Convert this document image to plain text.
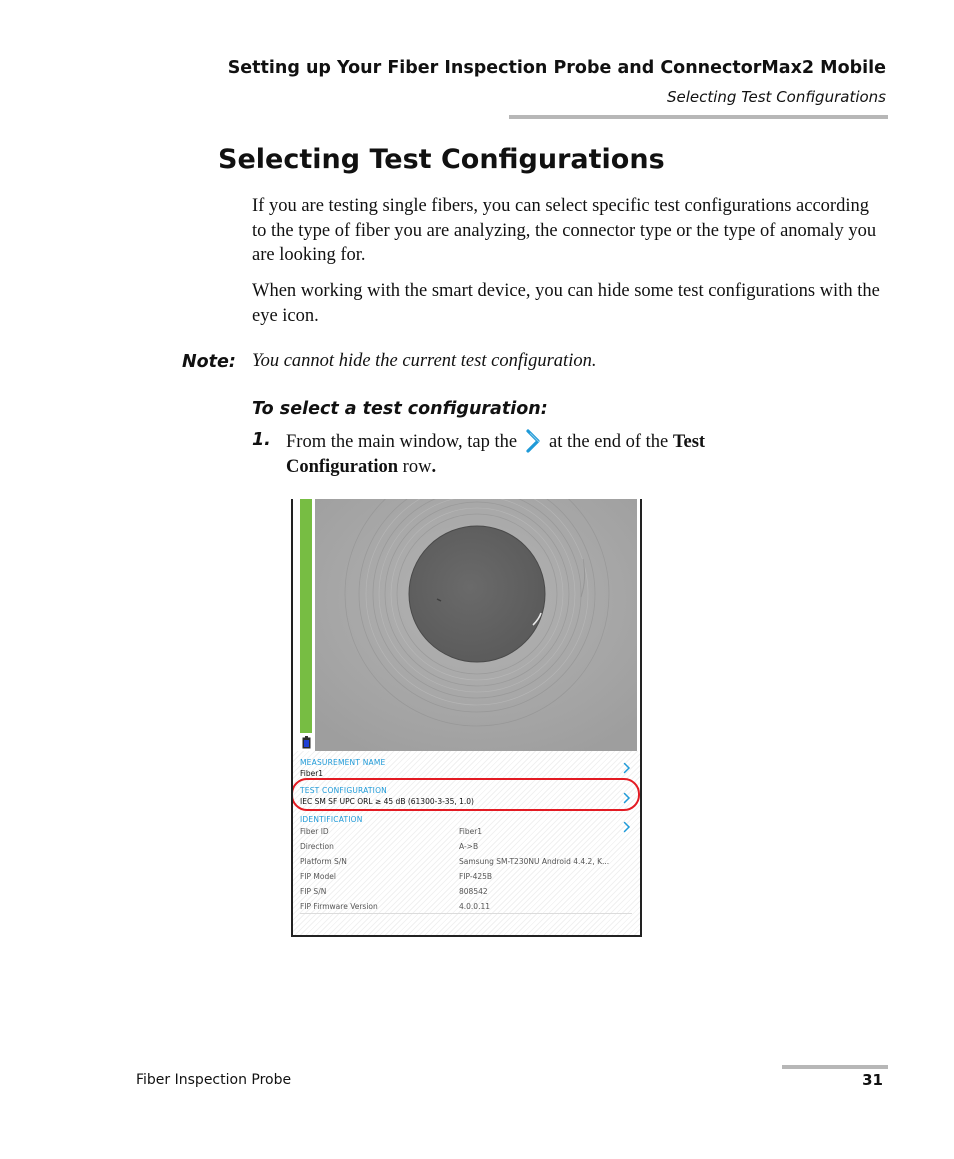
Setting up Your Fiber Inspection Probe and ConnectorMax2 Mobile
Selecting Test Configurations
Selecting Test Configurations
If you are testing single fibers, you can select specific test configurations according to the type of fiber you are analyzing, the connector type or the type of anomaly you are looking for.
When working with the smart device, you can hide some test configurations with the eye icon.
Note: You cannot hide the current test configuration.
To select a test configuration:
1. From the main window, tap the at the end of the Test Configuration row.
MEASUREMENT NAME
Fiber1
TEST CONFIGURATION
IEC SM SF UPC ORL ≥ 45 dB (61300-3-35, 1.0)
IDENTIFICATION
Fiber ID	Fiber1
Direction	A->B
Platform S/N	Samsung SM-T230NU Android 4.4.2, K...
FIP Model	FIP-425B
FIP S/N	808542
FIP Firmware Version	4.0.0.11
Fiber Inspection Probe	31
